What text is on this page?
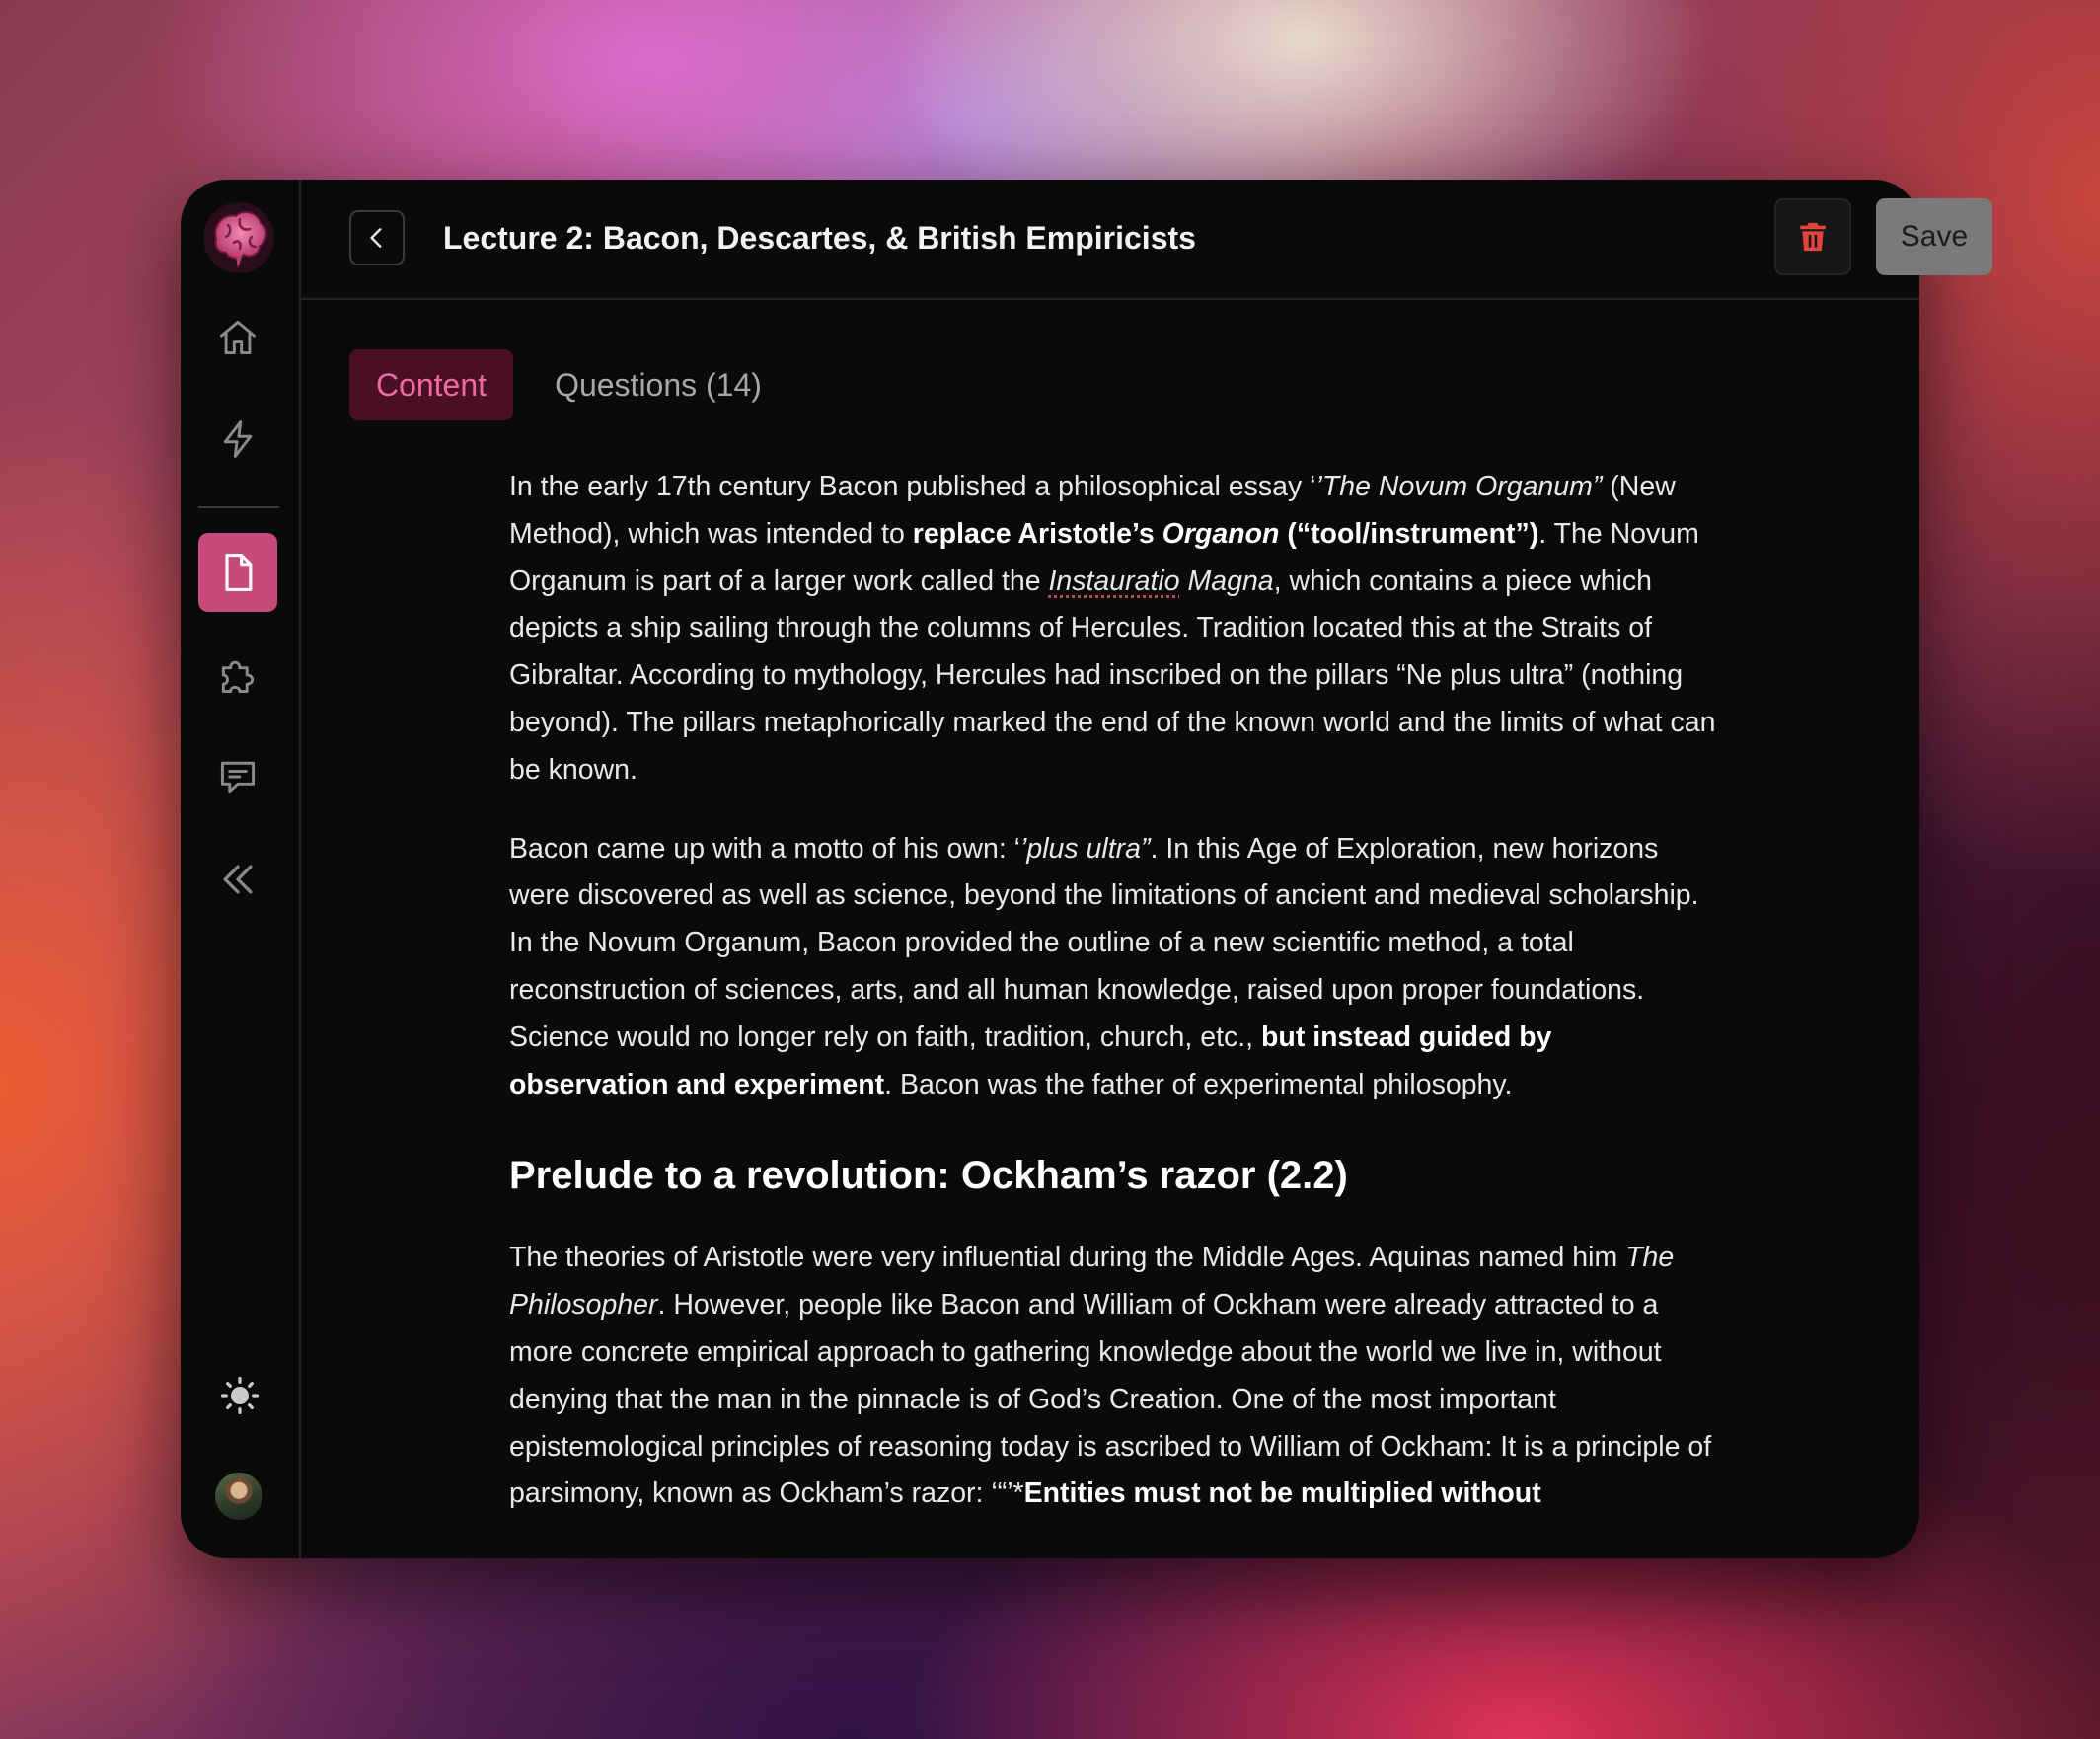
Lecture 2: Bacon, Descartes, & British Empiricists	Save
Content	Questions (14)

In the early 17th century Bacon published a philosophical essay ‘’The Novum Organum” (New Method), which was intended to replace Aristotle’s Organon (“tool/instrument”). The Novum Organum is part of a larger work called the Instauratio Magna, which contains a piece which depicts a ship sailing through the columns of Hercules. Tradition located this at the Straits of Gibraltar. According to mythology, Hercules had inscribed on the pillars “Ne plus ultra” (nothing beyond). The pillars metaphorically marked the end of the known world and the limits of what can be known.

Bacon came up with a motto of his own: ‘’plus ultra”. In this Age of Exploration, new horizons were discovered as well as science, beyond the limitations of ancient and medieval scholarship. In the Novum Organum, Bacon provided the outline of a new scientific method, a total reconstruction of sciences, arts, and all human knowledge, raised upon proper foundations. Science would no longer rely on faith, tradition, church, etc., but instead guided by observation and experiment. Bacon was the father of experimental philosophy.

Prelude to a revolution: Ockham’s razor (2.2)

The theories of Aristotle were very influential during the Middle Ages. Aquinas named him The Philosopher. However, people like Bacon and William of Ockham were already attracted to a more concrete empirical approach to gathering knowledge about the world we live in, without denying that the man in the pinnacle is of God’s Creation. One of the most important epistemological principles of reasoning today is ascribed to William of Ockham: It is a principle of parsimony, known as Ockham’s razor: ‘“’*Entities must not be multiplied without
